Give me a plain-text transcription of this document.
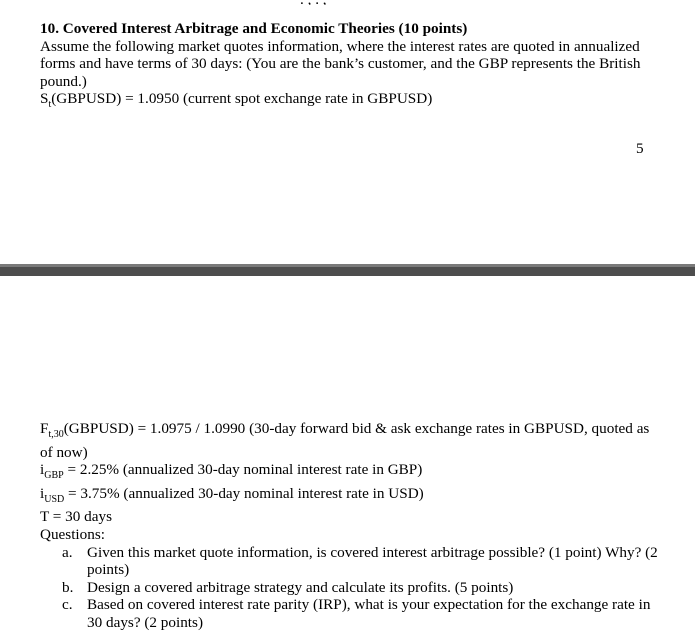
10. Covered Interest Arbitrage and Economic Theories (10 points)
Assume the following market quotes information, where the interest rates are quoted in annualized forms and have terms of 30 days: (You are the bank’s customer, and the GBP represents the British pound.)
$S_t(GBPUSD) = 1.0950$ (current spot exchange rate in GBPUSD)
5
$F_{t,30}(GBPUSD) = 1.0975 / 1.0990$ (30-day forward bid & ask exchange rates in GBPUSD, quoted as of now)
$i_{GBP} = 2.25\%$ (annualized 30-day nominal interest rate in GBP)
$i_{USD} = 3.75\%$ (annualized 30-day nominal interest rate in USD)
T = 30 days
Questions:
a. Given this market quote information, is covered interest arbitrage possible? (1 point) Why? (2 points)
b. Design a covered arbitrage strategy and calculate its profits. (5 points)
c. Based on covered interest rate parity (IRP), what is your expectation for the exchange rate in 30 days? (2 points)
